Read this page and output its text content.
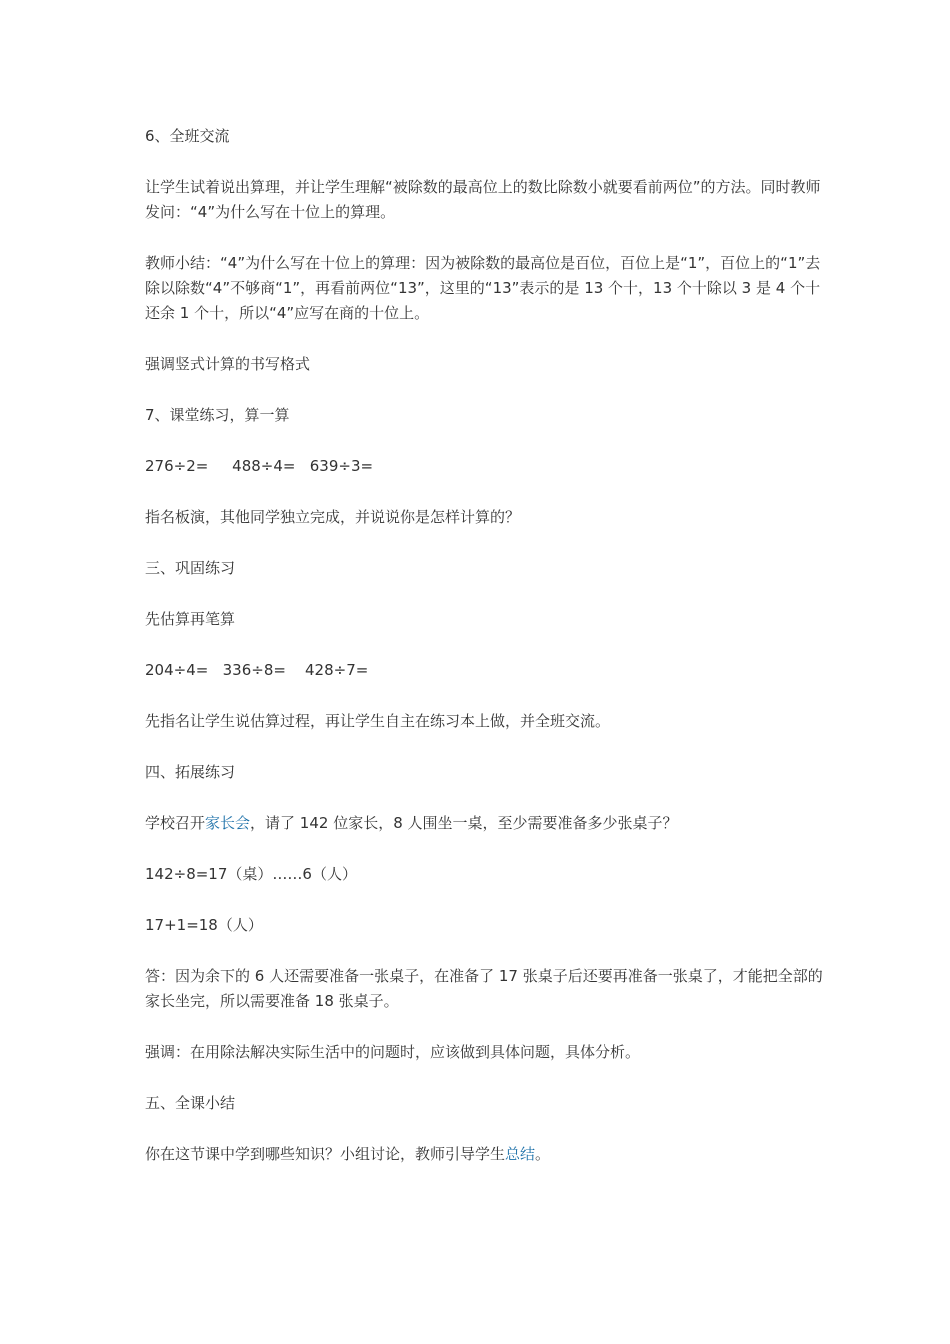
6、全班交流

让学生试着说出算理，并让学生理解“被除数的最高位上的数比除数小就要看前两位”的方法。同时教师发问：“4”为什么写在十位上的算理。

教师小结：“4”为什么写在十位上的算理：因为被除数的最高位是百位，百位上是“1”，百位上的“1”去除以除数“4”不够商“1”，再看前两位“13”，这里的“13”表示的是 13 个十，13 个十除以 3 是 4 个十还余 1 个十，所以“4”应写在商的十位上。

强调竖式计算的书写格式

7、课堂练习，算一算

276÷2=     488÷4=   639÷3=

指名板演，其他同学独立完成，并说说你是怎样计算的？

三、巩固练习

先估算再笔算

204÷4=   336÷8=    428÷7=

先指名让学生说估算过程，再让学生自主在练习本上做，并全班交流。

四、拓展练习

学校召开家长会，请了 142 位家长，8 人围坐一桌，至少需要准备多少张桌子？

142÷8=17（桌）……6（人）

17+1=18（人）

答：因为余下的 6 人还需要准备一张桌子，在准备了 17 张桌子后还要再准备一张桌了，才能把全部的家长坐完，所以需要准备 18 张桌子。

强调：在用除法解决实际生活中的问题时，应该做到具体问题，具体分析。

五、全课小结

你在这节课中学到哪些知识？小组讨论，教师引导学生总结。
